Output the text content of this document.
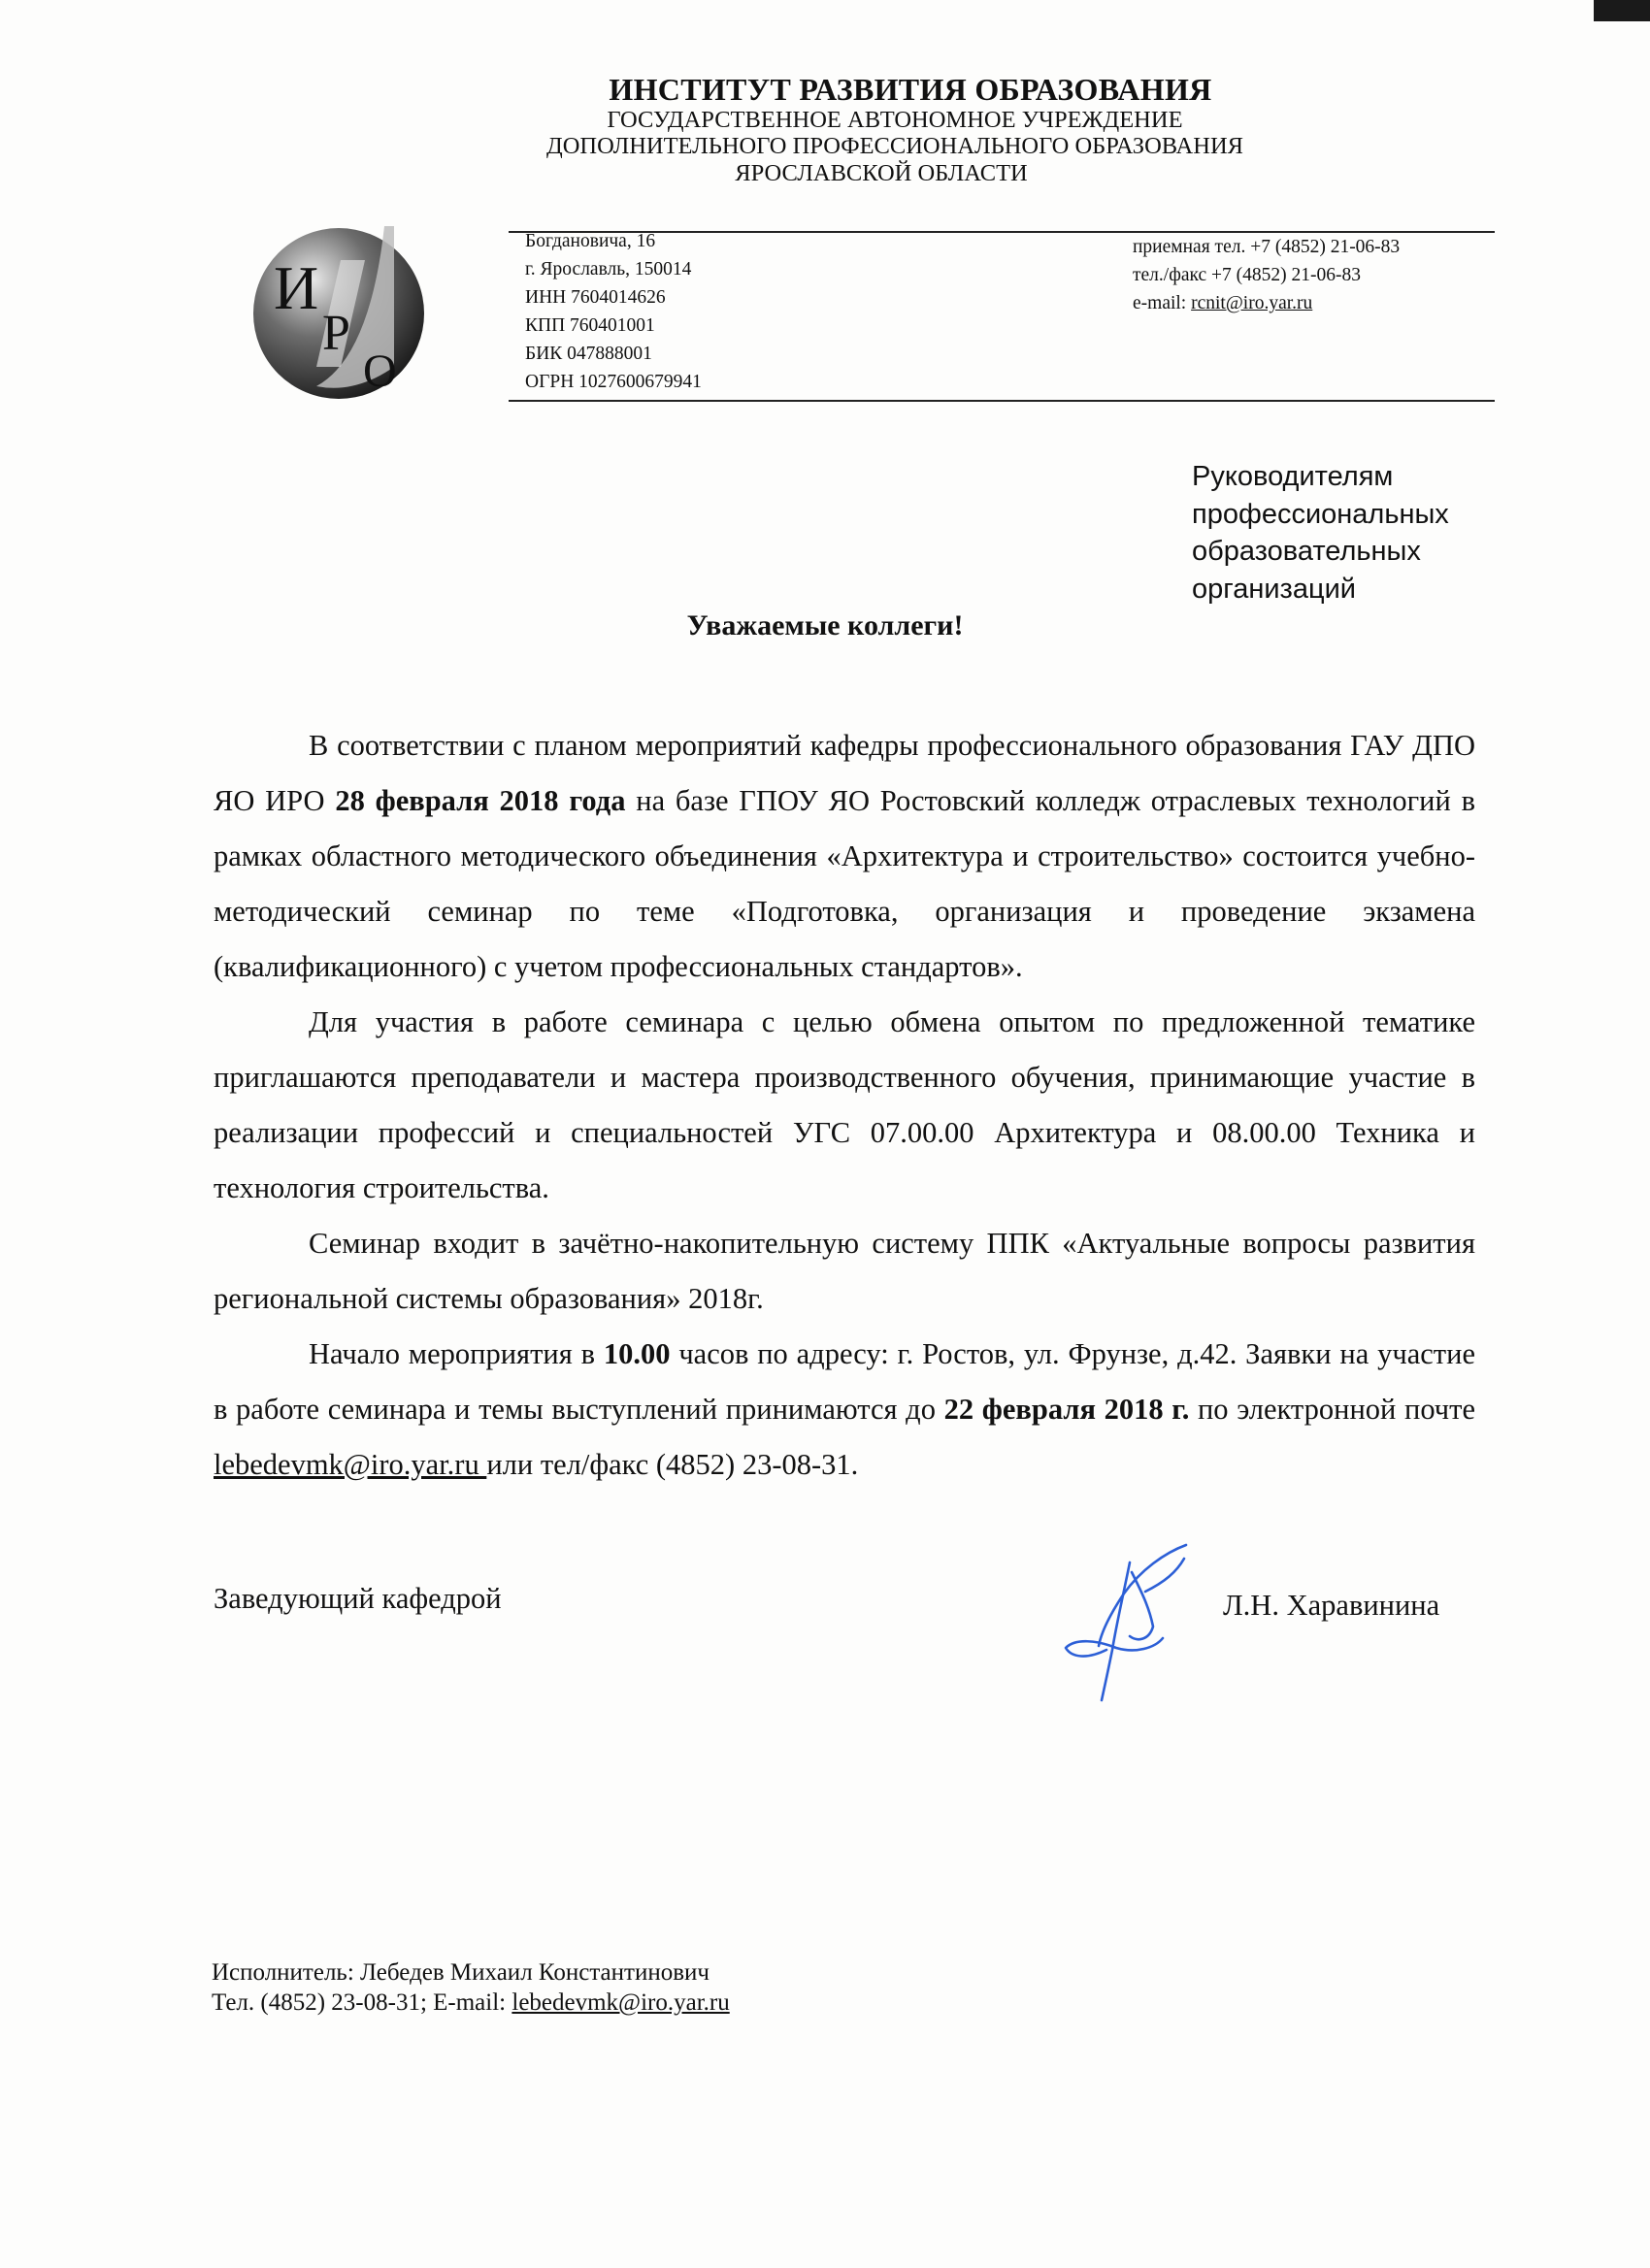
ИНСТИТУТ РАЗВИТИЯ ОБРАЗОВАНИЯ
ГОСУДАРСТВЕННОЕ АВТОНОМНОЕ УЧРЕЖДЕНИЕ
ДОПОЛНИТЕЛЬНОГО ПРОФЕССИОНАЛЬНОГО ОБРАЗОВАНИЯ
ЯРОСЛАВСКОЙ ОБЛАСТИ
И
Р
О
Богдановича, 16
г. Ярославль, 150014
ИНН 7604014626
КПП 760401001
БИК 047888001
ОГРН 1027600679941
приемная тел. +7 (4852) 21-06-83
тел./факс +7 (4852) 21-06-83
e-mail: rcnit@iro.yar.ru
Руководителям
профессиональных
образовательных
организаций
Уважаемые коллеги!

В соответствии с планом мероприятий кафедры профессионального образования ГАУ ДПО ЯО ИРО 28 февраля 2018 года на базе ГПОУ ЯО Ростовский колледж отраслевых технологий в рамках областного методического объединения «Архитектура и строительство» состоится учебно-методический семинар по теме «Подготовка, организация и проведение экзамена (квалификационного) с учетом профессиональных стандартов».

Для участия в работе семинара с целью обмена опытом по предложенной тематике приглашаются преподаватели и мастера производственного обучения, принимающие участие в реализации профессий и специальностей УГС 07.00.00 Архитектура и 08.00.00 Техника и технология строительства.

Семинар входит в зачётно-накопительную систему ППК «Актуальные вопросы развития региональной системы образования» 2018г.

Начало мероприятия в 10.00 часов по адресу: г. Ростов, ул. Фрунзе, д.42. Заявки на участие в работе семинара и темы выступлений принимаются до 22 февраля 2018 г. по электронной почте lebedevmk@iro.yar.ru или тел/факс (4852) 23-08-31.

Заведующий кафедрой	Л.Н. Харавинина
Исполнитель: Лебедев Михаил Константинович
Тел. (4852) 23-08-31; E-mail: lebedevmk@iro.yar.ru
